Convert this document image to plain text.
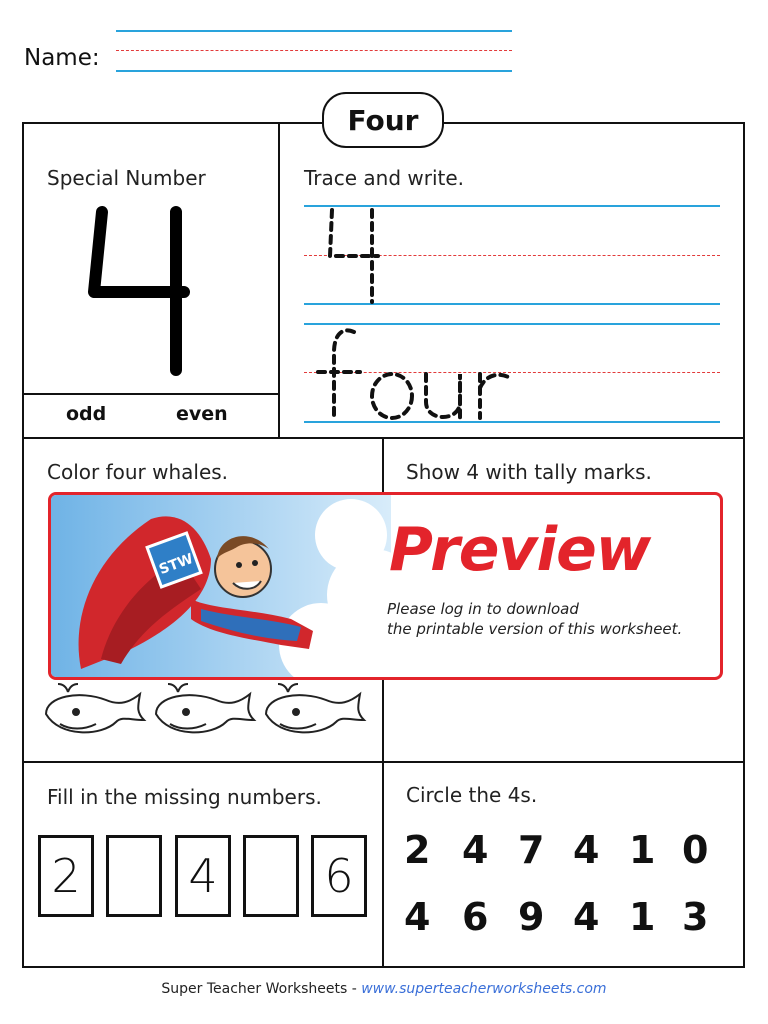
Name:
Four
Special Number
odd	even
Trace and write.
Color four whales.	Show 4 with tally marks.
Fill in the missing numbers.
2 4 6
Circle the 4s.
2 4 7 4 1 0
4 6 9 4 1 3
STW	Preview
Please log in to download
the printable version of this worksheet.
Super Teacher Worksheets - www.superteacherworksheets.com
